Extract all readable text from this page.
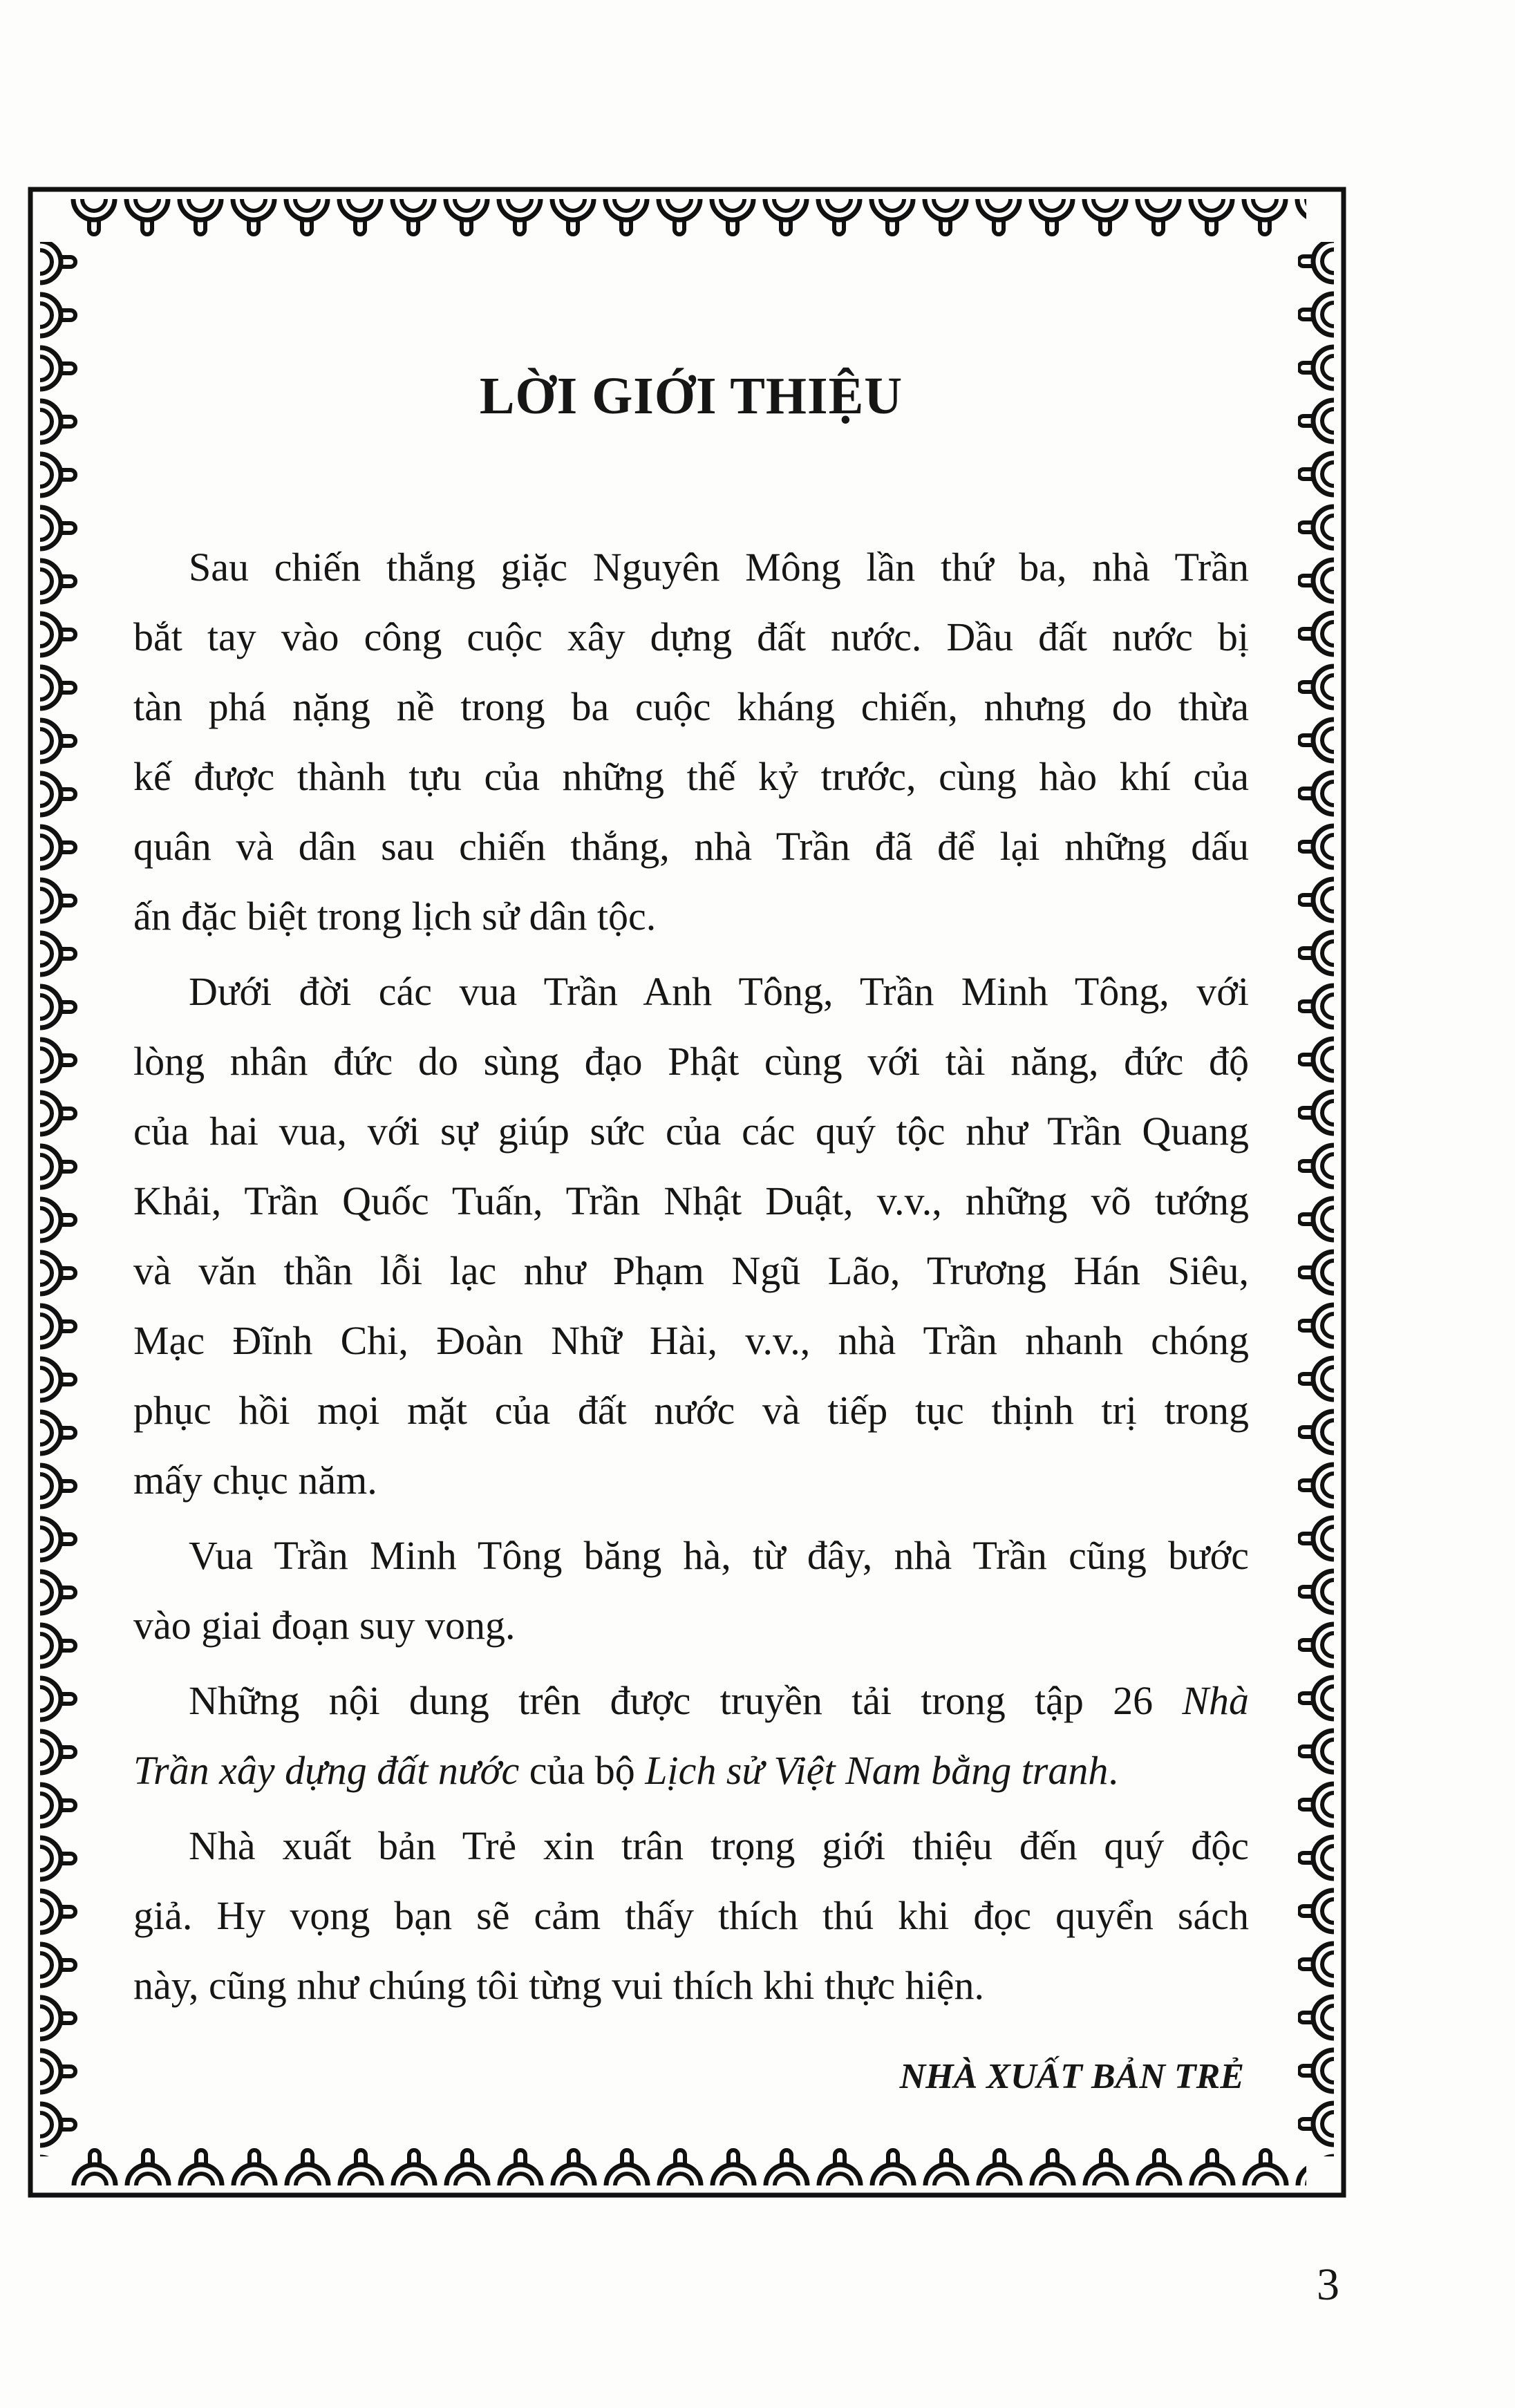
LỜI GIỚI THIỆU
Sau chiến thắng giặc Nguyên Mông lần thứ ba, nhà Trần
bắt tay vào công cuộc xây dựng đất nước. Dầu đất nước bị
tàn phá nặng nề trong ba cuộc kháng chiến, nhưng do thừa
kế được thành tựu của những thế kỷ trước, cùng hào khí của
quân và dân sau chiến thắng, nhà Trần đã để lại những dấu
ấn đặc biệt trong lịch sử dân tộc.
Dưới đời các vua Trần Anh Tông, Trần Minh Tông, với
lòng nhân đức do sùng đạo Phật cùng với tài năng, đức độ
của hai vua, với sự giúp sức của các quý tộc như Trần Quang
Khải, Trần Quốc Tuấn, Trần Nhật Duật, v.v., những võ tướng
và văn thần lỗi lạc như Phạm Ngũ Lão, Trương Hán Siêu,
Mạc Đĩnh Chi, Đoàn Nhữ Hài, v.v., nhà Trần nhanh chóng
phục hồi mọi mặt của đất nước và tiếp tục thịnh trị trong
mấy chục năm.
Vua Trần Minh Tông băng hà, từ đây, nhà Trần cũng bước
vào giai đoạn suy vong.
Những nội dung trên được truyền tải trong tập 26 Nhà
Trần xây dựng đất nước của bộ Lịch sử Việt Nam bằng tranh.
Nhà xuất bản Trẻ xin trân trọng giới thiệu đến quý độc
giả. Hy vọng bạn sẽ cảm thấy thích thú khi đọc quyển sách
này, cũng như chúng tôi từng vui thích khi thực hiện.
NHÀ XUẤT BẢN TRẺ
3
